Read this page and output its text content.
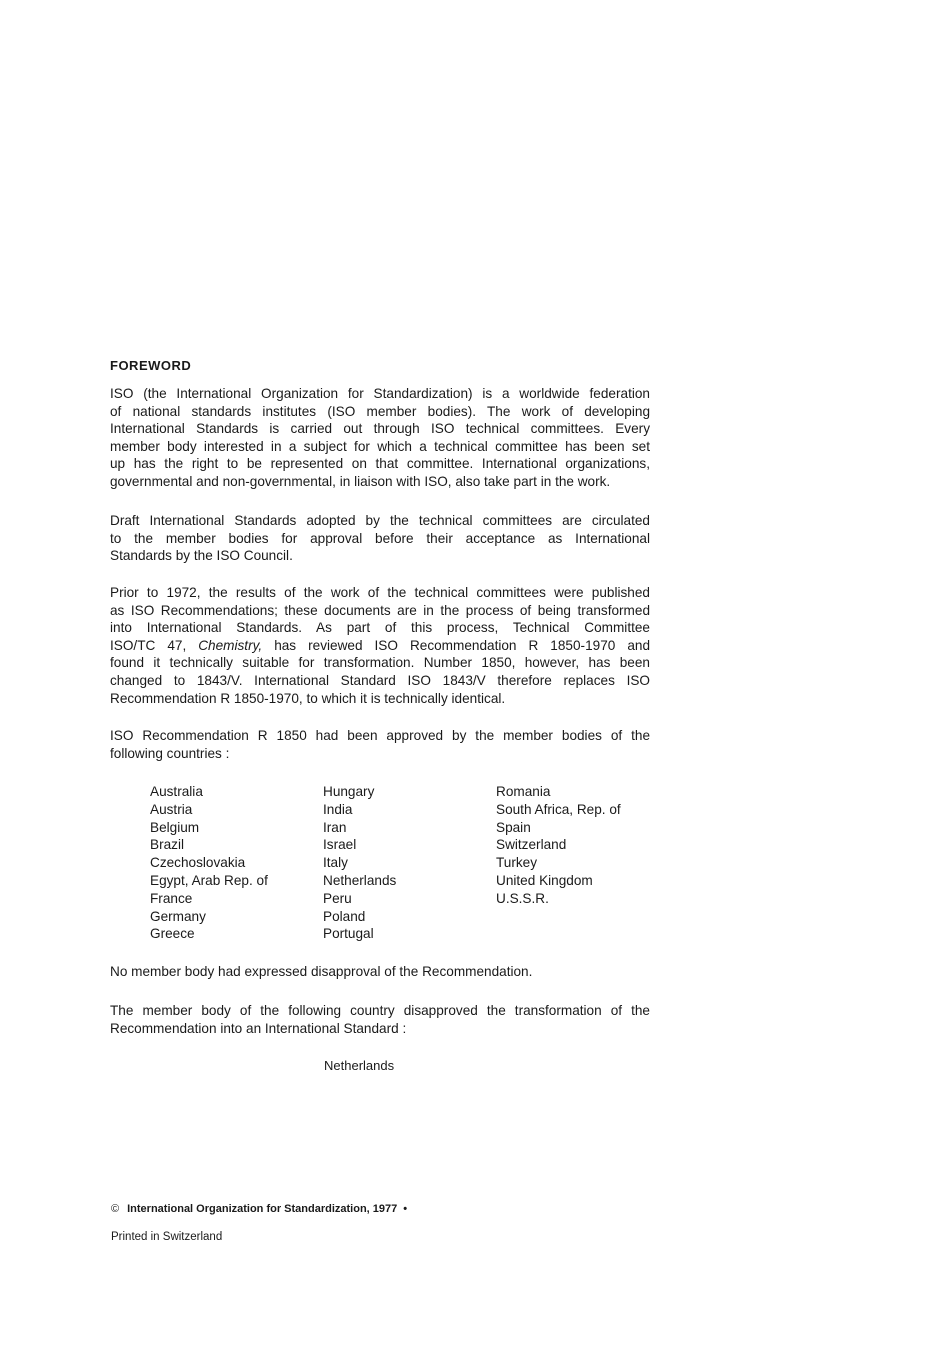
FOREWORD
ISO (the International Organization for Standardization) is a worldwide federation
of national standards institutes (ISO member bodies). The work of developing
International Standards is carried out through ISO technical committees. Every
member body interested in a subject for which a technical committee has been set
up has the right to be represented on that committee. International organizations,
governmental and non-governmental, in liaison with ISO, also take part in the work.
Draft International Standards adopted by the technical committees are circulated
to the member bodies for approval before their acceptance as International
Standards by the ISO Council.
Prior to 1972, the results of the work of the technical committees were published
as ISO Recommendations; these documents are in the process of being transformed
into International Standards. As part of this process, Technical Committee
ISO/TC 47, Chemistry, has reviewed ISO Recommendation R 1850-1970 and
found it technically suitable for transformation. Number 1850, however, has been
changed to 1843/V. International Standard ISO 1843/V therefore replaces ISO
Recommendation R 1850-1970, to which it is technically identical.
ISO Recommendation R 1850 had been approved by the member bodies of the
following countries :
Australia
Austria
Belgium
Brazil
Czechoslovakia
Egypt, Arab Rep. of
France
Germany
Greece
Hungary
India
Iran
Israel
Italy
Netherlands
Peru
Poland
Portugal
Romania
South Africa, Rep. of
Spain
Switzerland
Turkey
United Kingdom
U.S.S.R.
No member body had expressed disapproval of the Recommendation.
The member body of the following country disapproved the transformation of the
Recommendation into an International Standard :
Netherlands
© International Organization for Standardization, 1977 •
Printed in Switzerland
